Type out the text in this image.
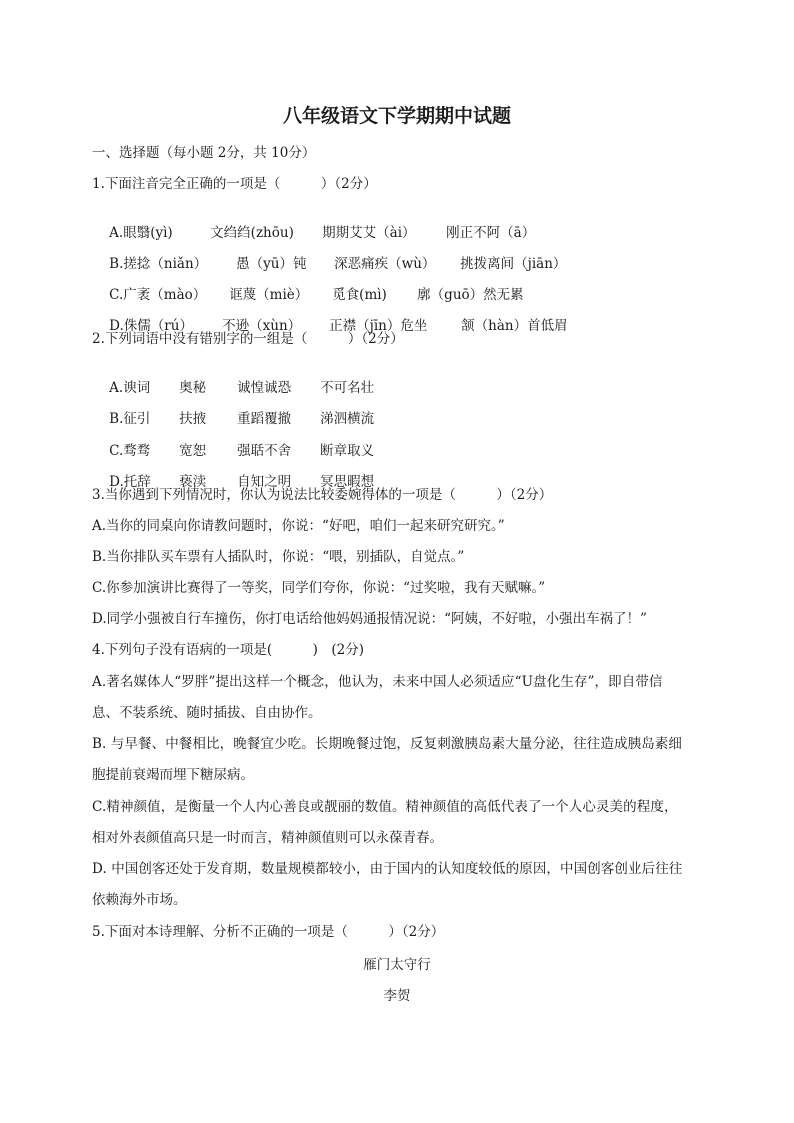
八年级语文下学期期中试题
一、选择题（每小题 2分，共 10分）
1.下面注音完全正确的一项是（　　　）（2分）

A.眼翳(yì)	文绉绉(zhōu) 期期艾艾（ài） 刚正不阿（ā）

B.搓捻（niǎn） 愚（yū）钝 深恶痛疾（wù） 挑拨离间（jiān）

C.广袤（mào） 诓蔑（miè） 觅食(mì) 廓（guō）然无累

D.侏儒（rú） 不逊（xùn） 正襟（jīn）危坐	颔（hàn）首低眉

2.下列词语中没有错别字的一组是（　　　）（2分）

A.谀词 奥秘 诚惶诚恐 不可名壮

B.征引 扶掖 重蹈覆撤 涕泗横流

C.骛骛 宽恕 强聒不舍 断章取义

D.托辞 亵渎 自知之明 冥思暇想

3.当你遇到下列情况时，你认为说法比较委婉得体的一项是（　　　）（2分）
A.当你的同桌向你请教问题时，你说：“好吧，咱们一起来研究研究。”
B.当你排队买车票有人插队时，你说：“喂，别插队，自觉点。”
C.你参加演讲比赛得了一等奖，同学们夸你，你说：“过奖啦，我有天赋嘛。”
D.同学小强被自行车撞伤，你打电话给他妈妈通报情况说：“阿姨，不好啦，小强出车祸了！”
4.下列句子没有语病的一项是(　　　)　(2分)
A.著名媒体人“罗胖”提出这样一个概念，他认为，未来中国人必须适应“U盘化生存”，即自带信
息、不装系统、随时插拔、自由协作。
B. 与早餐、中餐相比，晚餐宜少吃。长期晚餐过饱，反复刺激胰岛素大量分泌，往往造成胰岛素细
胞提前衰竭而埋下糖尿病。
C.精神颜值，是衡量一个人内心善良或靓丽的数值。精神颜值的高低代表了一个人心灵美的程度，
相对外表颜值高只是一时而言，精神颜值则可以永葆青春。
D. 中国创客还处于发育期，数量规模都较小，由于国内的认知度较低的原因，中国创客创业后往往
依赖海外市场。
5.下面对本诗理解、分析不正确的一项是（　　　）（2分）
雁门太守行
李贺
